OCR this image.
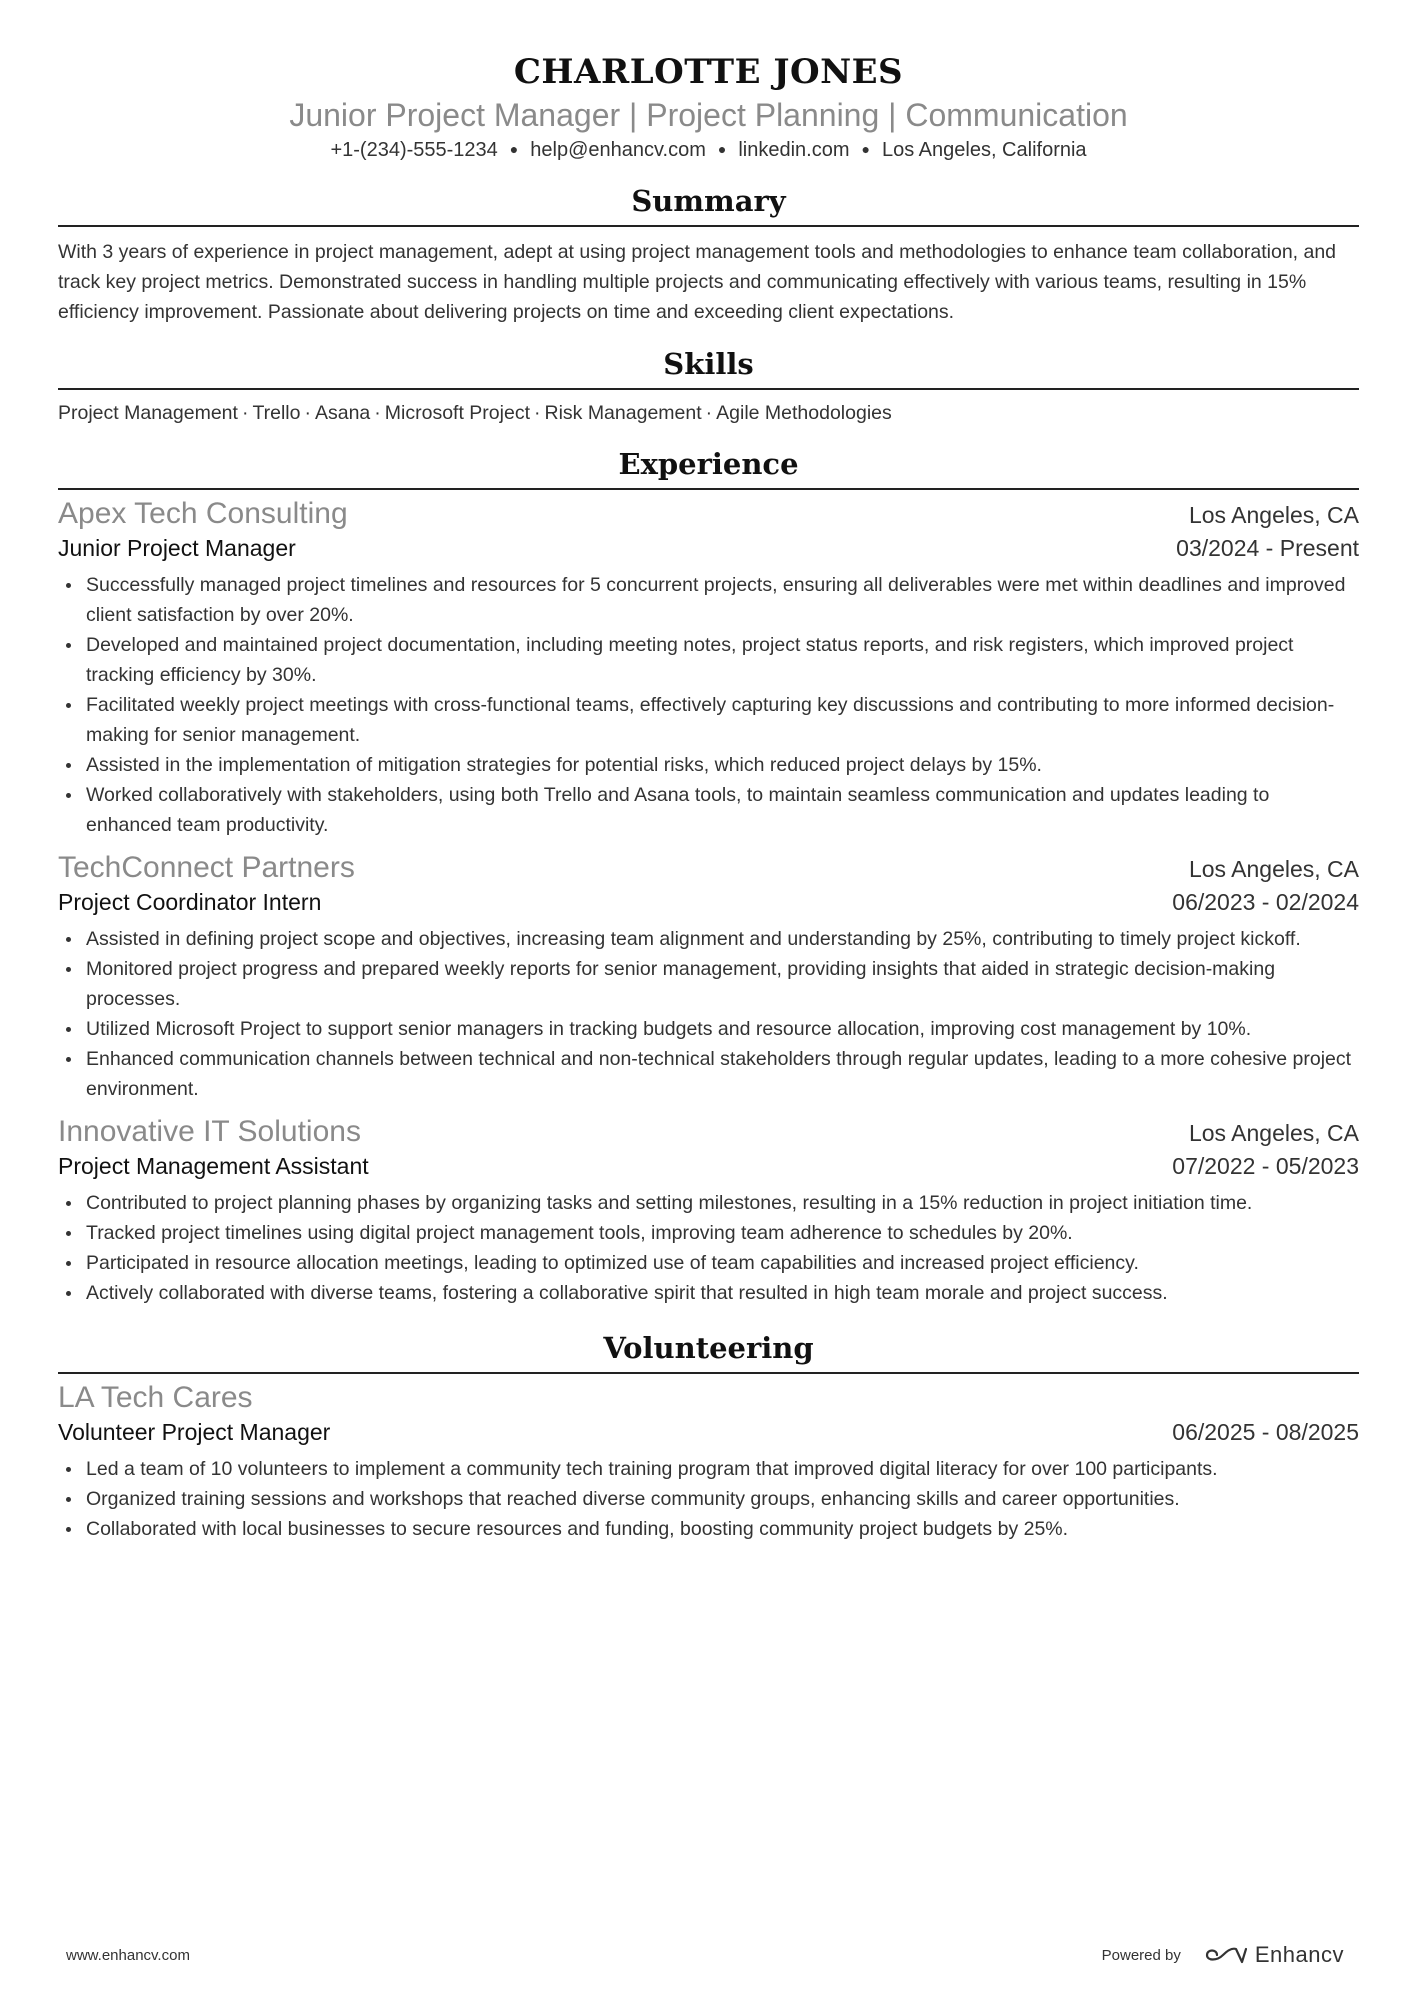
CHARLOTTE JONES
Junior Project Manager | Project Planning | Communication
+1-(234)-555-1234 ● help@enhancv.com ● linkedin.com ● Los Angeles, California
Summary
With 3 years of experience in project management, adept at using project management tools and methodologies to enhance team collaboration, and track key project metrics. Demonstrated success in handling multiple projects and communicating effectively with various teams, resulting in 15% efficiency improvement. Passionate about delivering projects on time and exceeding client expectations.
Skills
Project Management · Trello · Asana · Microsoft Project · Risk Management · Agile Methodologies
Experience
Apex Tech Consulting	Los Angeles, CA
Junior Project Manager	03/2024 - Present
Successfully managed project timelines and resources for 5 concurrent projects, ensuring all deliverables were met within deadlines and improved client satisfaction by over 20%.
Developed and maintained project documentation, including meeting notes, project status reports, and risk registers, which improved project tracking efficiency by 30%.
Facilitated weekly project meetings with cross-functional teams, effectively capturing key discussions and contributing to more informed decision-making for senior management.
Assisted in the implementation of mitigation strategies for potential risks, which reduced project delays by 15%.
Worked collaboratively with stakeholders, using both Trello and Asana tools, to maintain seamless communication and updates leading to enhanced team productivity.
TechConnect Partners	Los Angeles, CA
Project Coordinator Intern	06/2023 - 02/2024
Assisted in defining project scope and objectives, increasing team alignment and understanding by 25%, contributing to timely project kickoff.
Monitored project progress and prepared weekly reports for senior management, providing insights that aided in strategic decision-making processes.
Utilized Microsoft Project to support senior managers in tracking budgets and resource allocation, improving cost management by 10%.
Enhanced communication channels between technical and non-technical stakeholders through regular updates, leading to a more cohesive project environment.
Innovative IT Solutions	Los Angeles, CA
Project Management Assistant	07/2022 - 05/2023
Contributed to project planning phases by organizing tasks and setting milestones, resulting in a 15% reduction in project initiation time.
Tracked project timelines using digital project management tools, improving team adherence to schedules by 20%.
Participated in resource allocation meetings, leading to optimized use of team capabilities and increased project efficiency.
Actively collaborated with diverse teams, fostering a collaborative spirit that resulted in high team morale and project success.
Volunteering
LA Tech Cares
Volunteer Project Manager	06/2025 - 08/2025
Led a team of 10 volunteers to implement a community tech training program that improved digital literacy for over 100 participants.
Organized training sessions and workshops that reached diverse community groups, enhancing skills and career opportunities.
Collaborated with local businesses to secure resources and funding, boosting community project budgets by 25%.
www.enhancv.com	Powered by	Enhancv
